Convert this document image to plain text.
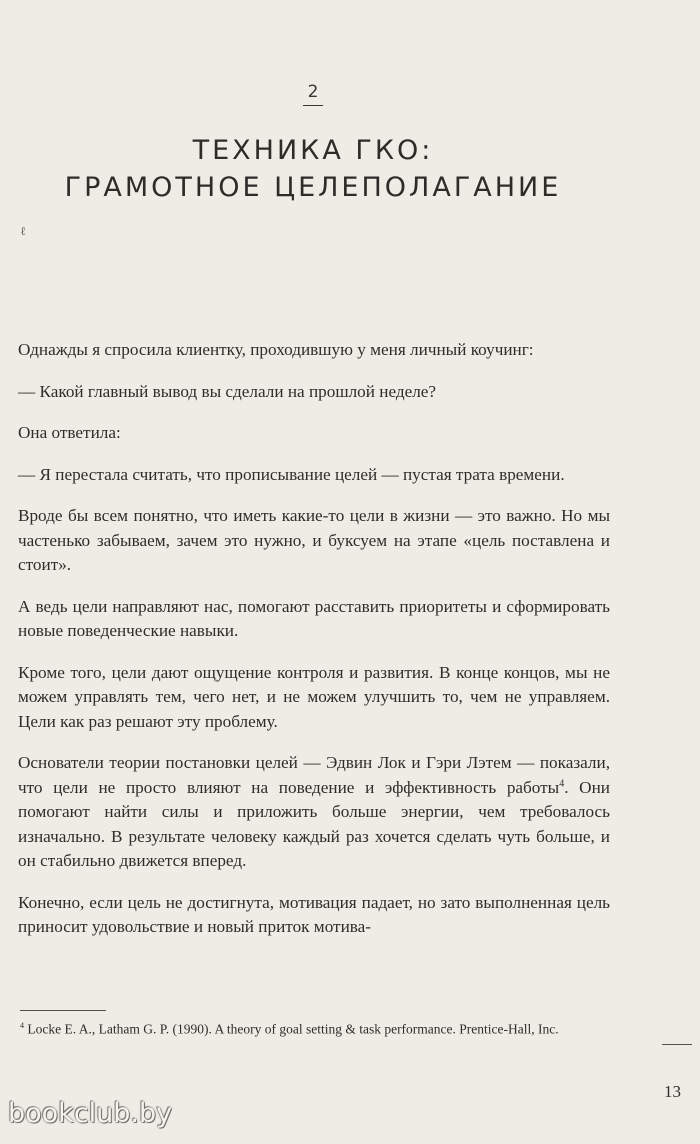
2
ТЕХНИКА ГКО:
ГРАМОТНОЕ ЦЕЛЕПОЛАГАНИЕ
ℓ

Однажды я спросила клиентку, проходившую у меня личный коучинг:

— Какой главный вывод вы сделали на прошлой неделе?

Она ответила:

— Я перестала считать, что прописывание целей — пустая трата времени.

Вроде бы всем понятно, что иметь какие-то цели в жизни — это важно. Но мы частенько забываем, зачем это нужно, и буксуем на этапе «цель поставлена и стоит».

А ведь цели направляют нас, помогают расставить приоритеты и сформировать новые поведенческие навыки.

Кроме того, цели дают ощущение контроля и развития. В конце концов, мы не можем управлять тем, чего нет, и не можем улучшить то, чем не управляем. Цели как раз решают эту проблему.

Основатели теории постановки целей — Эдвин Лок и Гэри Лэтем — показали, что цели не просто влияют на поведение и эффективность работы$^4$. Они помогают найти силы и приложить больше энергии, чем требовалось изначально. В результате человеку каждый раз хочется сделать чуть больше, и он стабильно движется вперед.

Конечно, если цель не достигнута, мотивация падает, но зато выполненная цель приносит удовольствие и новый приток мотива-

$^4$ Locke E. A., Latham G. P. (1990). A theory of goal setting & task performance. Prentice-Hall, Inc.
13
bookclub.by
